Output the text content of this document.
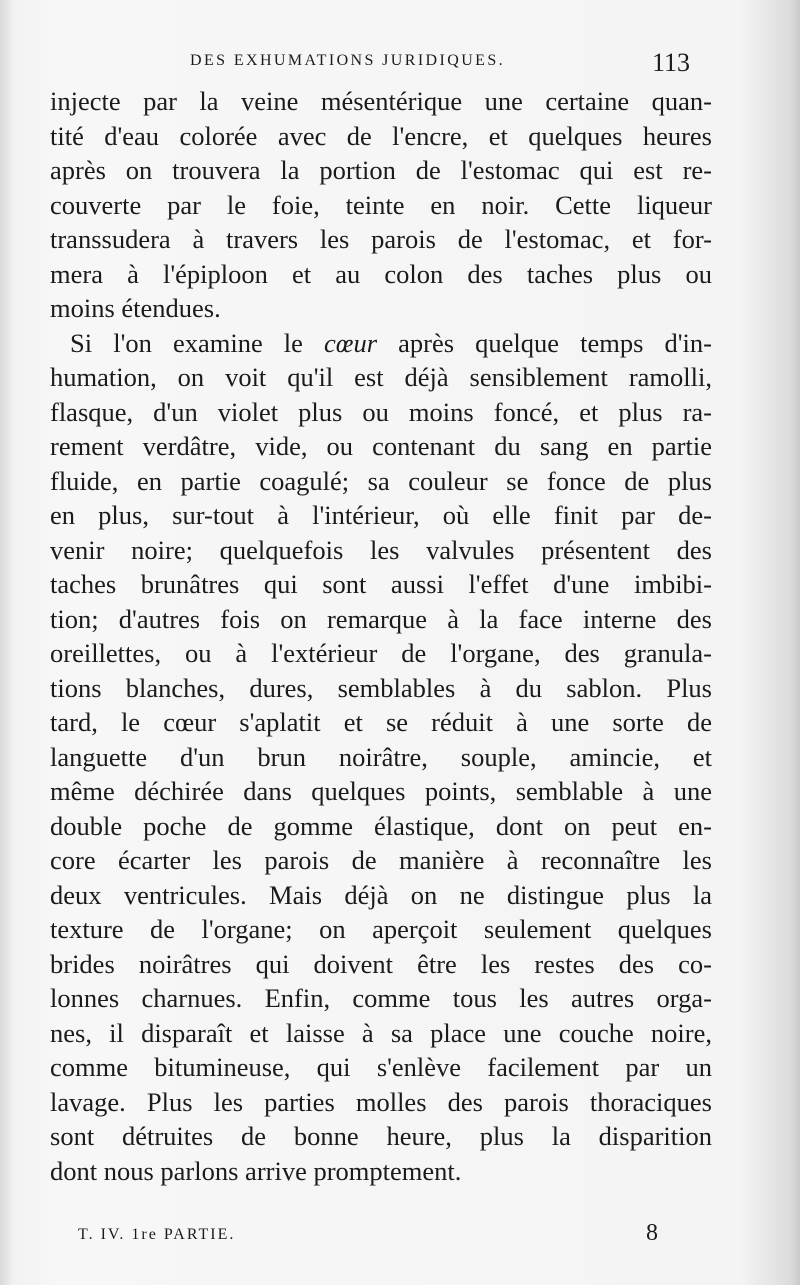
DES EXHUMATIONS JURIDIQUES.	113
injecte par la veine mésentérique une certaine quan-
tité d'eau colorée avec de l'encre, et quelques heures
après on trouvera la portion de l'estomac qui est re-
couverte par le foie, teinte en noir. Cette liqueur
transsudera à travers les parois de l'estomac, et for-
mera à l'épiploon et au colon des taches plus ou
moins étendues.
Si l'on examine le cœur après quelque temps d'in-
humation, on voit qu'il est déjà sensiblement ramolli,
flasque, d'un violet plus ou moins foncé, et plus ra-
rement verdâtre, vide, ou contenant du sang en partie
fluide, en partie coagulé; sa couleur se fonce de plus
en plus, sur-tout à l'intérieur, où elle finit par de-
venir noire; quelquefois les valvules présentent des
taches brunâtres qui sont aussi l'effet d'une imbibi-
tion; d'autres fois on remarque à la face interne des
oreillettes, ou à l'extérieur de l'organe, des granula-
tions blanches, dures, semblables à du sablon. Plus
tard, le cœur s'aplatit et se réduit à une sorte de
languette d'un brun noirâtre, souple, amincie, et
même déchirée dans quelques points, semblable à une
double poche de gomme élastique, dont on peut en-
core écarter les parois de manière à reconnaître les
deux ventricules. Mais déjà on ne distingue plus la
texture de l'organe; on aperçoit seulement quelques
brides noirâtres qui doivent être les restes des co-
lonnes charnues. Enfin, comme tous les autres orga-
nes, il disparaît et laisse à sa place une couche noire,
comme bitumineuse, qui s'enlève facilement par un
lavage. Plus les parties molles des parois thoraciques
sont détruites de bonne heure, plus la disparition
dont nous parlons arrive promptement.
T. IV. 1re PARTIE.	8
